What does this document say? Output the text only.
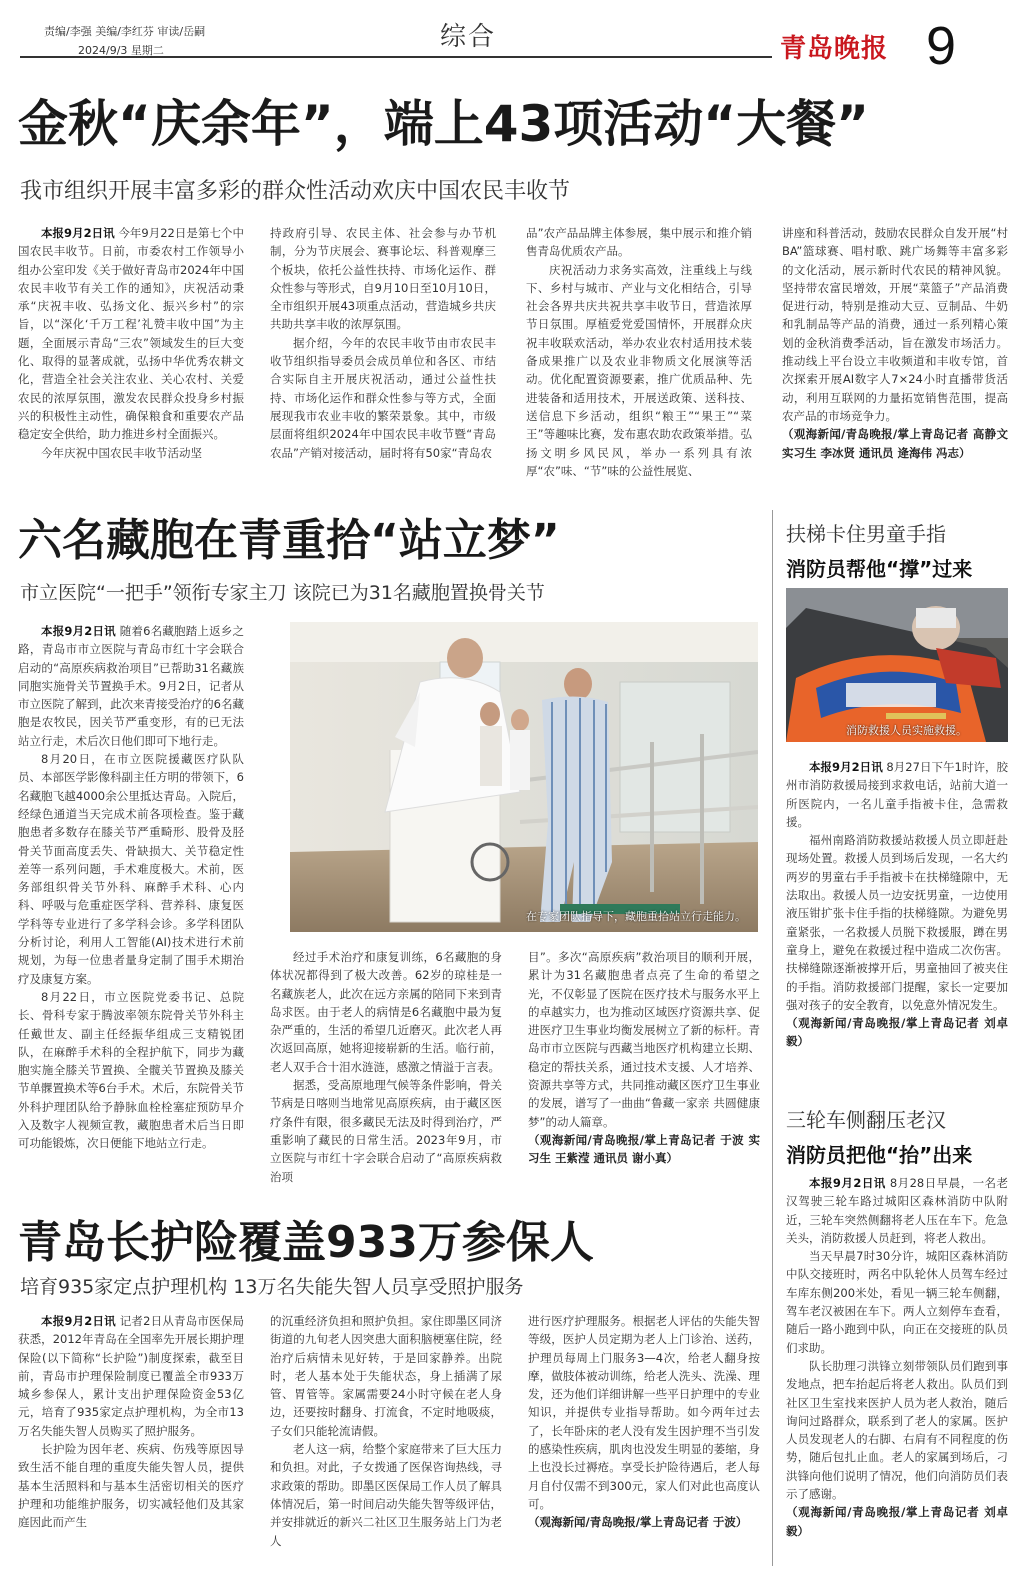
责编/李强 美编/李红芬 审读/岳嗣
2024/9/3 星期二	综合	青岛晚报 9
金秋“庆余年”，端上43项活动“大餐”
我市组织开展丰富多彩的群众性活动欢庆中国农民丰收节

本报9月2日讯 今年9月22日是第七个中国农民丰收节。日前，市委农村工作领导小组办公室印发《关于做好青岛市2024年中国农民丰收节有关工作的通知》，庆祝活动秉承“庆祝丰收、弘扬文化、振兴乡村”的宗旨，以“深化‘千万工程’礼赞丰收中国”为主题，全面展示青岛“三农”领域发生的巨大变化、取得的显著成就，弘扬中华优秀农耕文化，营造全社会关注农业、关心农村、关爱农民的浓厚氛围，激发农民群众投身乡村振兴的积极性主动性，确保粮食和重要农产品稳定安全供给，助力推进乡村全面振兴。

今年庆祝中国农民丰收节活动坚

持政府引导、农民主体、社会参与办节机制，分为节庆展会、赛事论坛、科普观摩三个板块，依托公益性扶持、市场化运作、群众性参与等形式，自9月10日至10月10日，全市组织开展43项重点活动，营造城乡共庆共助共享丰收的浓厚氛围。

据介绍，今年的农民丰收节由市农民丰收节组织指导委员会成员单位和各区、市结合实际自主开展庆祝活动，通过公益性扶持、市场化运作和群众性参与等方式，全面展现我市农业丰收的繁荣景象。其中，市级层面将组织2024年中国农民丰收节暨“青岛农品”产销对接活动，届时将有50家“青岛农

品”农产品品牌主体参展，集中展示和推介销售青岛优质农产品。

庆祝活动力求务实高效，注重线上与线下、乡村与城市、产业与文化相结合，引导社会各界共庆共祝共享丰收节日，营造浓厚节日氛围。厚植爱党爱国情怀，开展群众庆祝丰收联欢活动，举办农业农村适用技术装备成果推广以及农业非物质文化展演等活动。优化配置资源要素，推广优质品种、先进装备和适用技术，开展送政策、送科技、送信息下乡活动，组织“粮王”“果王”“菜王”等趣味比赛，发布惠农助农政策举措。弘扬文明乡风民风，举办一系列具有浓厚“农”味、“节”味的公益性展览、

讲座和科普活动，鼓励农民群众自发开展“村BA”篮球赛、唱村歌、跳广场舞等丰富多彩的文化活动，展示新时代农民的精神风貌。坚持带农富民增效，开展“菜篮子”产品消费促进行动，特别是推动大豆、豆制品、牛奶和乳制品等产品的消费，通过一系列精心策划的金秋消费季活动，旨在激发市场活力。推动线上平台设立丰收频道和丰收专馆，首次探索开展AI数字人7×24小时直播带货活动，利用互联网的力量拓宽销售范围，提高农产品的市场竞争力。

（观海新闻/青岛晚报/掌上青岛记者 高静文 实习生 李冰贤 通讯员 逄海伟 冯志）

六名藏胞在青重拾“站立梦”
市立医院“一把手”领衔专家主刀 该院已为31名藏胞置换骨关节

本报9月2日讯 随着6名藏胞踏上返乡之路，青岛市市立医院与青岛市红十字会联合启动的“高原疾病救治项目”已帮助31名藏族同胞实施骨关节置换手术。9月2日，记者从市立医院了解到，此次来青接受治疗的6名藏胞是农牧民，因关节严重变形，有的已无法站立行走，术后次日他们即可下地行走。

8月20日，在市立医院援藏医疗队队员、本部医学影像科副主任方明的带领下，6名藏胞飞越4000余公里抵达青岛。入院后，经绿色通道当天完成术前各项检查。鉴于藏胞患者多数存在膝关节严重畸形、股骨及胫骨关节面高度丢失、骨缺损大、关节稳定性差等一系列问题，手术难度极大。术前，医务部组织骨关节外科、麻醉手术科、心内科、呼吸与危重症医学科、营养科、康复医学科等专业进行了多学科会诊。多学科团队分析讨论，利用人工智能(AI)技术进行术前规划，为每一位患者量身定制了围手术期治疗及康复方案。

8月22日，市立医院党委书记、总院长、骨科专家于腾波率领东院骨关节外科主任戴世友、副主任经振华组成三支精锐团队，在麻醉手术科的全程护航下，同步为藏胞实施全膝关节置换、全髋关节置换及膝关节单髁置换术等6台手术。术后，东院骨关节外科护理团队给予静脉血栓栓塞症预防早介入及数字人视频宣教，藏胞患者术后当日即可功能锻炼，次日便能下地站立行走。

在专家团队指导下，藏胞重拾站立行走能力。

经过手术治疗和康复训练，6名藏胞的身体状况都得到了极大改善。62岁的琼桂是一名藏族老人，此次在远方亲属的陪同下来到青岛求医。由于老人的病情是6名藏胞中最为复杂严重的，生活的希望几近磨灭。此次老人再次返回高原，她将迎接崭新的生活。临行前，老人双手合十泪水涟涟，感激之情溢于言表。

据悉，受高原地理气候等条件影响，骨关节病是日喀则当地常见高原疾病，由于藏区医疗条件有限，很多藏民无法及时得到治疗，严重影响了藏民的日常生活。2023年9月，市立医院与市红十字会联合启动了“高原疾病救治项

目”。多次“高原疾病”救治项目的顺利开展，累计为31名藏胞患者点亮了生命的希望之光，不仅彰显了医院在医疗技术与服务水平上的卓越实力，也为推动区域医疗资源共享、促进医疗卫生事业均衡发展树立了新的标杆。青岛市市立医院与西藏当地医疗机构建立长期、稳定的帮扶关系，通过技术支援、人才培养、资源共享等方式，共同推动藏区医疗卫生事业的发展，谱写了一曲曲“鲁藏一家亲 共圆健康梦”的动人篇章。

（观海新闻/青岛晚报/掌上青岛记者 于波 实习生 王紫滢 通讯员 谢小真）

青岛长护险覆盖933万参保人
培育935家定点护理机构 13万名失能失智人员享受照护服务

本报9月2日讯 记者2日从青岛市医保局获悉，2012年青岛在全国率先开展长期护理保险(以下简称“长护险”)制度探索，截至目前，青岛市护理保险制度已覆盖全市933万城乡参保人，累计支出护理保险资金53亿元，培育了935家定点护理机构，为全市13万名失能失智人员购买了照护服务。

长护险为因年老、疾病、伤残等原因导致生活不能自理的重度失能失智人员，提供基本生活照料和与基本生活密切相关的医疗护理和功能维护服务，切实减轻他们及其家庭因此而产生

的沉重经济负担和照护负担。家住即墨区同济街道的九旬老人因突患大面积脑梗塞住院，经治疗后病情未见好转，于是回家静养。出院时，老人基本处于失能状态，身上插满了尿管、胃管等。家属需要24小时守候在老人身边，还要按时翻身、打流食，不定时地吸痰，子女们只能轮流请假。

老人这一病，给整个家庭带来了巨大压力和负担。对此，子女拨通了医保咨询热线，寻求政策的帮助。即墨区医保局工作人员了解具体情况后，第一时间启动失能失智等级评估，并安排就近的新兴二社区卫生服务站上门为老人

进行医疗护理服务。根据老人评估的失能失智等级，医护人员定期为老人上门诊治、送药，护理员每周上门服务3—4次，给老人翻身按摩，做肢体被动训练，给老人洗头、洗澡、理发，还为他们详细讲解一些平日护理中的专业知识，并提供专业指导帮助。如今两年过去了，长年卧床的老人没有发生因护理不当引发的感染性疾病，肌肉也没发生明显的萎缩，身上也没长过褥疮。享受长护险待遇后，老人每月自付仅需不到300元，家人们对此也高度认可。

（观海新闻/青岛晚报/掌上青岛记者 于波）

扶梯卡住男童手指
消防员帮他“撑”过来
消防救援人员实施救援。

本报9月2日讯 8月27日下午1时许，胶州市消防救援局接到求救电话，站前大道一所医院内，一名儿童手指被卡住，急需救援。

福州南路消防救援站救援人员立即赶赴现场处置。救援人员到场后发现，一名大约两岁的男童右手手指被卡在扶梯缝隙中，无法取出。救援人员一边安抚男童，一边使用液压钳扩张卡住手指的扶梯缝隙。为避免男童紧张，一名救援人员脱下救援服，蹲在男童身上，避免在救援过程中造成二次伤害。扶梯缝隙逐渐被撑开后，男童抽回了被夹住的手指。消防救援部门提醒，家长一定要加强对孩子的安全教育，以免意外情况发生。

（观海新闻/青岛晚报/掌上青岛记者 刘卓毅）

三轮车侧翻压老汉
消防员把他“抬”出来

本报9月2日讯 8月28日早晨，一名老汉驾驶三轮车路过城阳区森林消防中队附近，三轮车突然侧翻将老人压在车下。危急关头，消防救援人员赶到，将老人救出。

当天早晨7时30分许，城阳区森林消防中队交接班时，两名中队轮休人员驾车经过车库东侧200米处，看见一辆三轮车侧翻，驾车老汉被困在车下。两人立刻停车查看，随后一路小跑到中队，向正在交接班的队员们求助。

队长肋理刁洪锋立刻带领队员们跑到事发地点，把车抬起后将老人救出。队员们到社区卫生室找来医护人员为老人救治，随后询问过路群众，联系到了老人的家属。医护人员发现老人的右脚、右肩有不同程度的伤势，随后包扎止血。老人的家属到场后，刁洪锋向他们说明了情况，他们向消防员们表示了感谢。

（观海新闻/青岛晚报/掌上青岛记者 刘卓毅）
